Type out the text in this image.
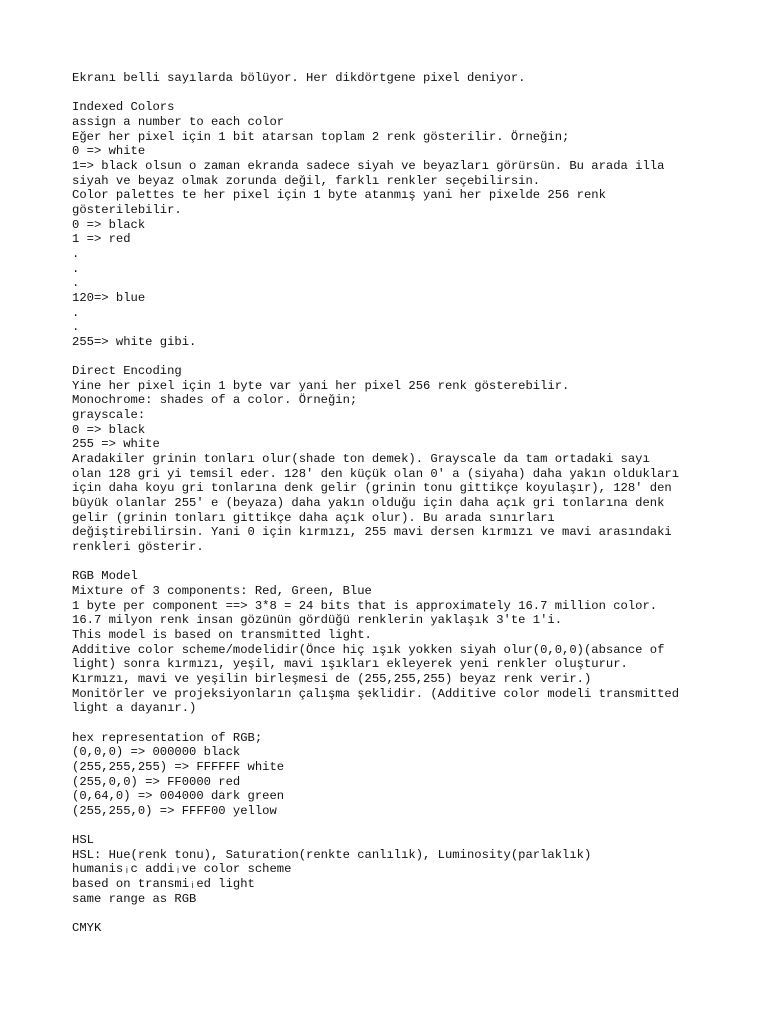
Ekranı belli sayılarda bölüyor. Her dikdörtgene pixel deniyor.
Indexed Colors
assign a number to each color
Eğer her pixel için 1 bit atarsan toplam 2 renk gösterilir. Örneğin;
0 => white
1=> black olsun o zaman ekranda sadece siyah ve beyazları görürsün. Bu arada illa
siyah ve beyaz olmak zorunda değil, farklı renkler seçebilirsin.
Color palettes te her pixel için 1 byte atanmış yani her pixelde 256 renk
gösterilebilir.
0 => black
1 => red
.
.
.
120=> blue
.
.
255=> white gibi.
Direct Encoding
Yine her pixel için 1 byte var yani her pixel 256 renk gösterebilir.
Monochrome: shades of a color. Örneğin;
grayscale:
0 => black
255 => white
Aradakiler grinin tonları olur(shade ton demek). Grayscale da tam ortadaki sayı
olan 128 gri yi temsil eder. 128' den küçük olan 0' a (siyaha) daha yakın oldukları
için daha koyu gri tonlarına denk gelir (grinin tonu gittikçe koyulaşır), 128' den
büyük olanlar 255' e (beyaza) daha yakın olduğu için daha açık gri tonlarına denk
gelir (grinin tonları gittikçe daha açık olur). Bu arada sınırları
değiştirebilirsin. Yani 0 için kırmızı, 255 mavi dersen kırmızı ve mavi arasındaki
renkleri gösterir.
RGB Model
Mixture of 3 components: Red, Green, Blue
1 byte per component ==> 3*8 = 24 bits that is approximately 16.7 million color.
16.7 milyon renk insan gözünün gördüğü renklerin yaklaşık 3'te 1'i.
This model is based on transmitted light.
Additive color scheme/modelidir(Önce hiç ışık yokken siyah olur(0,0,0)(absance of
light) sonra kırmızı, yeşil, mavi ışıkları ekleyerek yeni renkler oluşturur.
Kırmızı, mavi ve yeşilin birleşmesi de (255,255,255) beyaz renk verir.)
Monitörler ve projeksiyonların çalışma şeklidir. (Additive color modeli transmitted
light a dayanır.)
hex representation of RGB;
(0,0,0) => 000000 black
(255,255,255) => FFFFFF white
(255,0,0) => FF0000 red
(0,64,0) => 004000 dark green
(255,255,0) => FFFF00 yellow
HSL
HSL: Hue(renk tonu), Saturation(renkte canlılık), Luminosity(parlaklık)
humanisᵢc addiᵢve color scheme
based on transmiᵢed light
same range as RGB
CMYK
